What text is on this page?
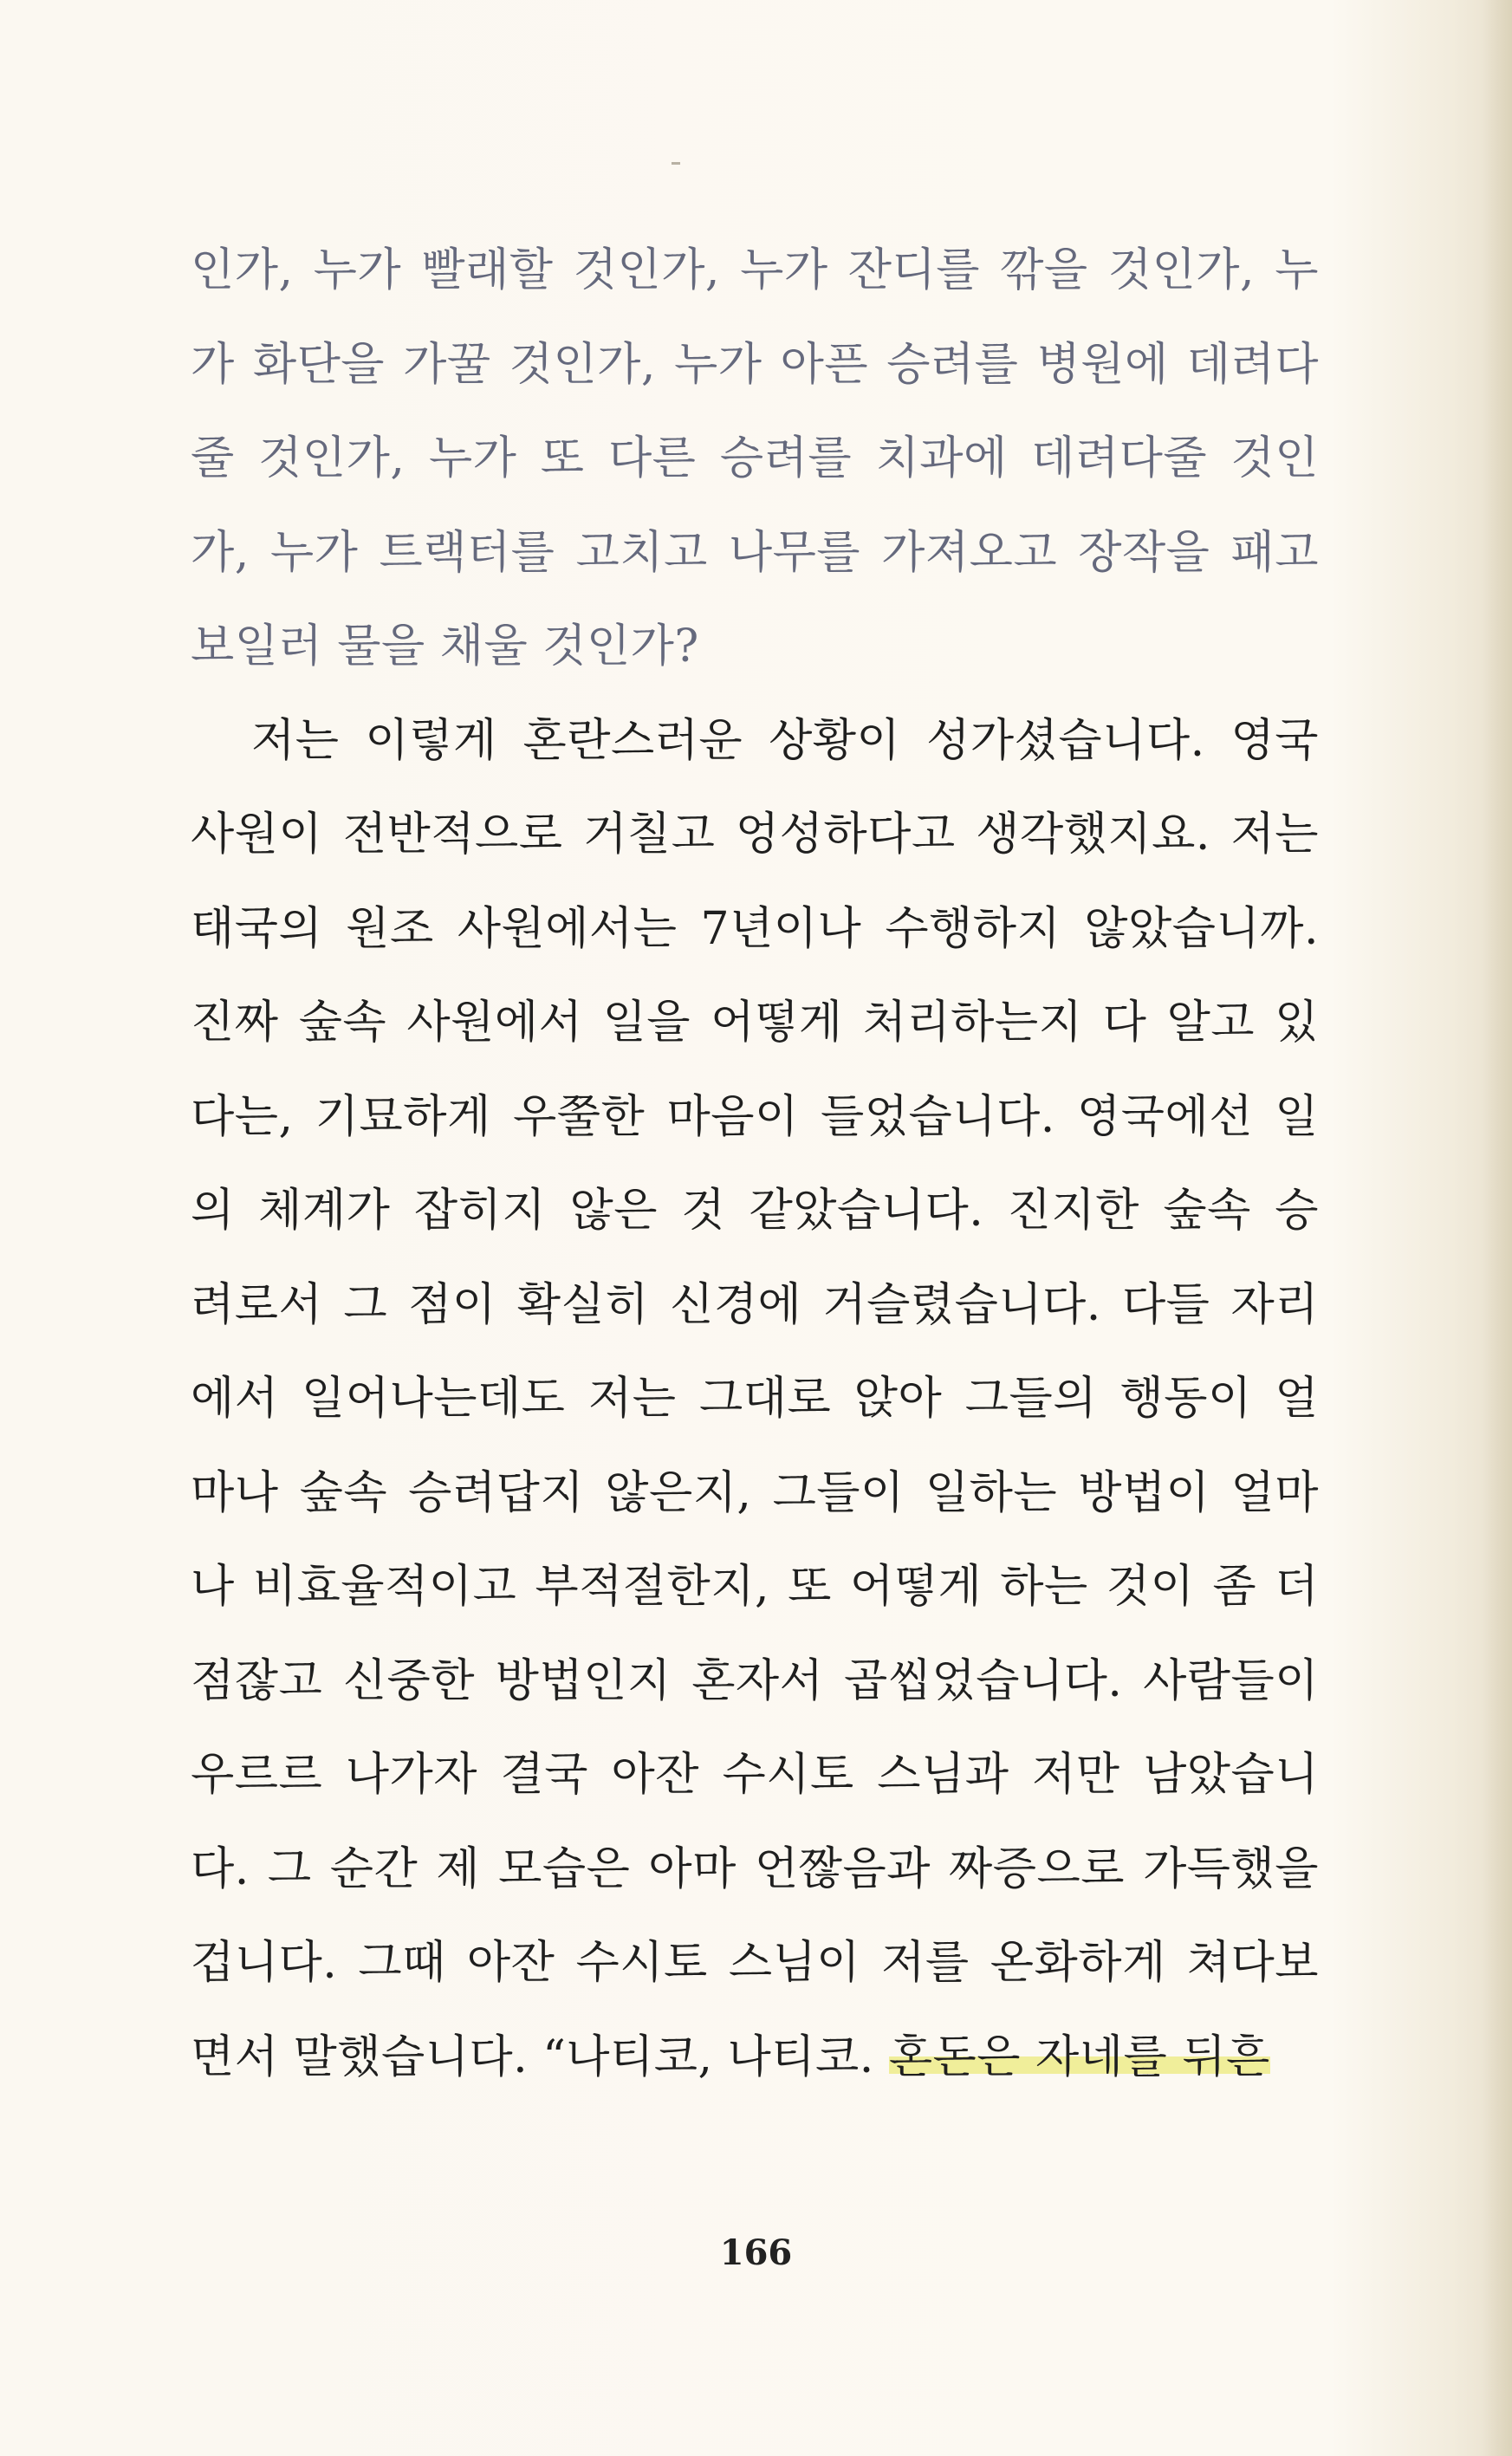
인가, 누가 빨래할 것인가, 누가 잔디를 깎을 것인가, 누
가 화단을 가꿀 것인가, 누가 아픈 승려를 병원에 데려다
줄 것인가, 누가 또 다른 승려를 치과에 데려다줄 것인
가, 누가 트랙터를 고치고 나무를 가져오고 장작을 패고
보일러 물을 채울 것인가?
저는 이렇게 혼란스러운 상황이 성가셨습니다. 영국
사원이 전반적으로 거칠고 엉성하다고 생각했지요. 저는
태국의 원조 사원에서는 7년이나 수행하지 않았습니까.
진짜 숲속 사원에서 일을 어떻게 처리하는지 다 알고 있
다는, 기묘하게 우쭐한 마음이 들었습니다. 영국에선 일
의 체계가 잡히지 않은 것 같았습니다. 진지한 숲속 승
려로서 그 점이 확실히 신경에 거슬렸습니다. 다들 자리
에서 일어나는데도 저는 그대로 앉아 그들의 행동이 얼
마나 숲속 승려답지 않은지, 그들이 일하는 방법이 얼마
나 비효율적이고 부적절한지, 또 어떻게 하는 것이 좀 더
점잖고 신중한 방법인지 혼자서 곱씹었습니다. 사람들이
우르르 나가자 결국 아잔 수시토 스님과 저만 남았습니
다. 그 순간 제 모습은 아마 언짢음과 짜증으로 가득했을
겁니다. 그때 아잔 수시토 스님이 저를 온화하게 쳐다보
면서 말했습니다. “나티코, 나티코. 혼돈은 자네를 뒤흔
166
